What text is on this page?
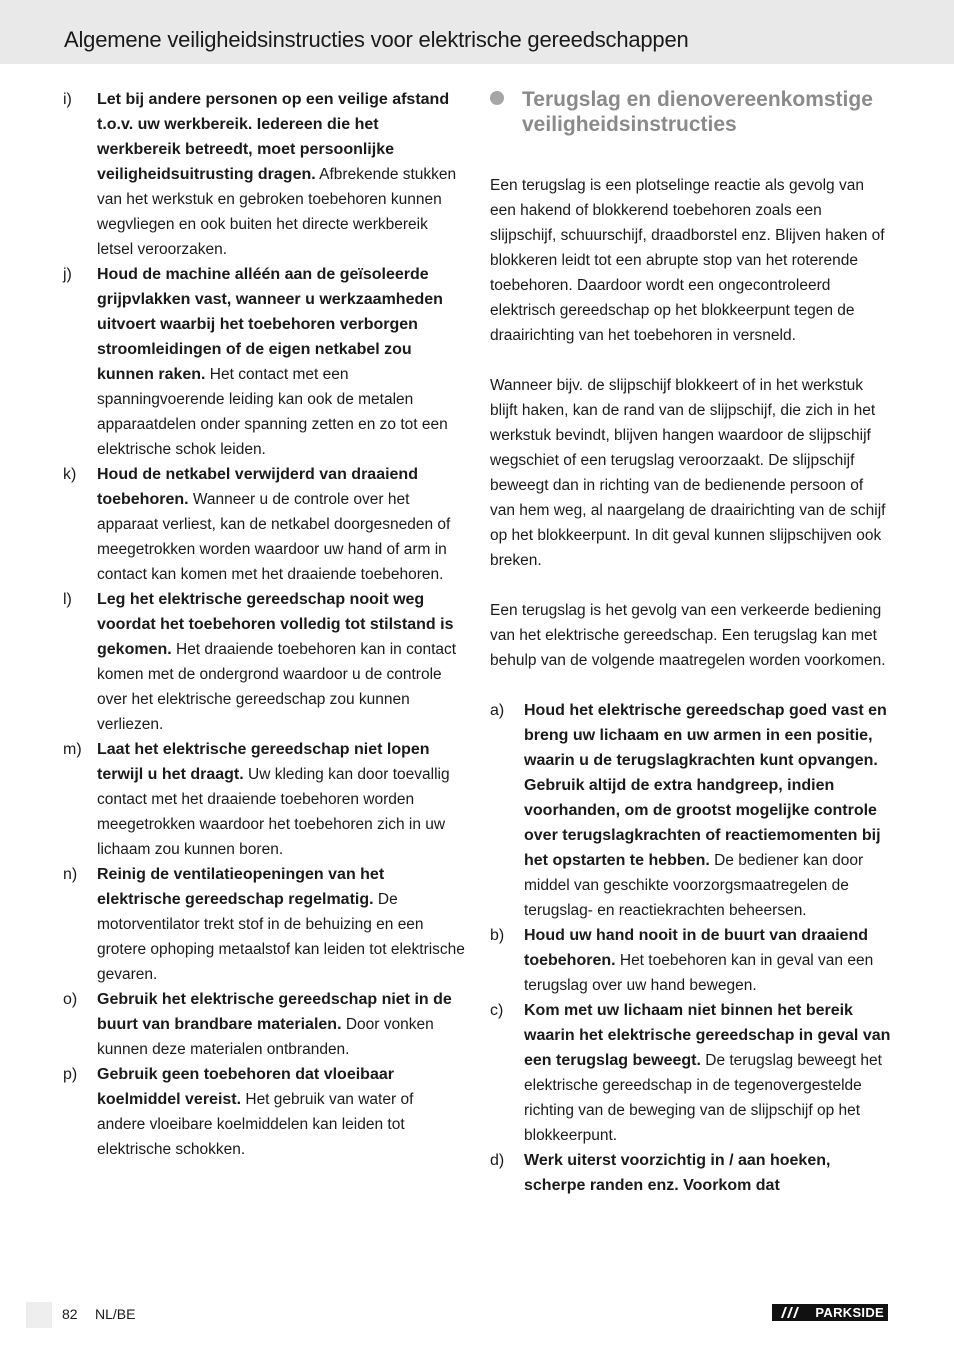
Algemene veiligheidsinstructies voor elektrische gereedschappen
i)	Let bij andere personen op een veilige afstand t.o.v. uw werkbereik. Iedereen die het werkbereik betreedt, moet persoonlijke veiligheidsuitrusting dragen. Afbrekende stukken van het werkstuk en gebroken toebehoren kunnen wegvliegen en ook buiten het directe werkbereik letsel veroorzaken.
j)	Houd de machine alléén aan de geïsoleerde grijpvlakken vast, wanneer u werkzaamheden uitvoert waarbij het toebehoren verborgen stroomleidingen of de eigen netkabel zou kunnen raken. Het contact met een spanningvoerende leiding kan ook de metalen apparaatdelen onder spanning zetten en zo tot een elektrische schok leiden.
k)	Houd de netkabel verwijderd van draaiend toebehoren. Wanneer u de controle over het apparaat verliest, kan de netkabel doorgesneden of meegetrokken worden waardoor uw hand of arm in contact kan komen met het draaiende toebehoren.
l)	Leg het elektrische gereedschap nooit weg voordat het toebehoren volledig tot stilstand is gekomen. Het draaiende toebehoren kan in contact komen met de ondergrond waardoor u de controle over het elektrische gereedschap zou kunnen verliezen.
m) Laat het elektrische gereedschap niet lopen terwijl u het draagt. Uw kleding kan door toevallig contact met het draaiende toebehoren worden meegetrokken waardoor het toebehoren zich in uw lichaam zou kunnen boren.
n)	Reinig de ventilatieopeningen van het elektrische gereedschap regelmatig. De motorventilator trekt stof in de behuizing en een grotere ophoping metaalstof kan leiden tot elektrische gevaren.
o)	Gebruik het elektrische gereedschap niet in de buurt van brandbare materialen. Door vonken kunnen deze materialen ontbranden.
p)	Gebruik geen toebehoren dat vloeibaar koelmiddel vereist. Het gebruik van water of andere vloeibare koelmiddelen kan leiden tot elektrische schokken.
Terugslag en dienovereenkomstige veiligheidsinstructies

Een terugslag is een plotselinge reactie als gevolg van een hakend of blokkerend toebehoren zoals een slijpschijf, schuurschijf, draadborstel enz. Blijven haken of blokkeren leidt tot een abrupte stop van het roterende toebehoren. Daardoor wordt een ongecontroleerd elektrisch gereedschap op het blokkeerpunt tegen de draairichting van het toebehoren in versneld.

Wanneer bijv. de slijpschijf blokkeert of in het werkstuk blijft haken, kan de rand van de slijpschijf, die zich in het werkstuk bevindt, blijven hangen waardoor de slijpschijf wegschiet of een terugslag veroorzaakt. De slijpschijf beweegt dan in richting van de bedienende persoon of van hem weg, al naargelang de draairichting van de schijf op het blokkeerpunt. In dit geval kunnen slijpschijven ook breken.

Een terugslag is het gevolg van een verkeerde bediening van het elektrische gereedschap. Een terugslag kan met behulp van de volgende maatregelen worden voorkomen.

a)	Houd het elektrische gereedschap goed vast en breng uw lichaam en uw armen in een positie, waarin u de terugslagkrachten kunt opvangen. Gebruik altijd de extra handgreep, indien voorhanden, om de grootst mogelijke controle over terugslagkrachten of reactiemomenten bij het opstarten te hebben. De bediener kan door middel van geschikte voorzorgsmaatregelen de terugslag- en reactiekrachten beheersen.
b)	Houd uw hand nooit in de buurt van draaiend toebehoren. Het toebehoren kan in geval van een terugslag over uw hand bewegen.
c)	Kom met uw lichaam niet binnen het bereik waarin het elektrische gereedschap in geval van een terugslag beweegt. De terugslag beweegt het elektrische gereedschap in de tegenovergestelde richting van de beweging van de slijpschijf op het blokkeerpunt.
d)	Werk uiterst voorzichtig in / aan hoeken, scherpe randen enz. Voorkom dat
82 NL/BE	PARKSIDE
